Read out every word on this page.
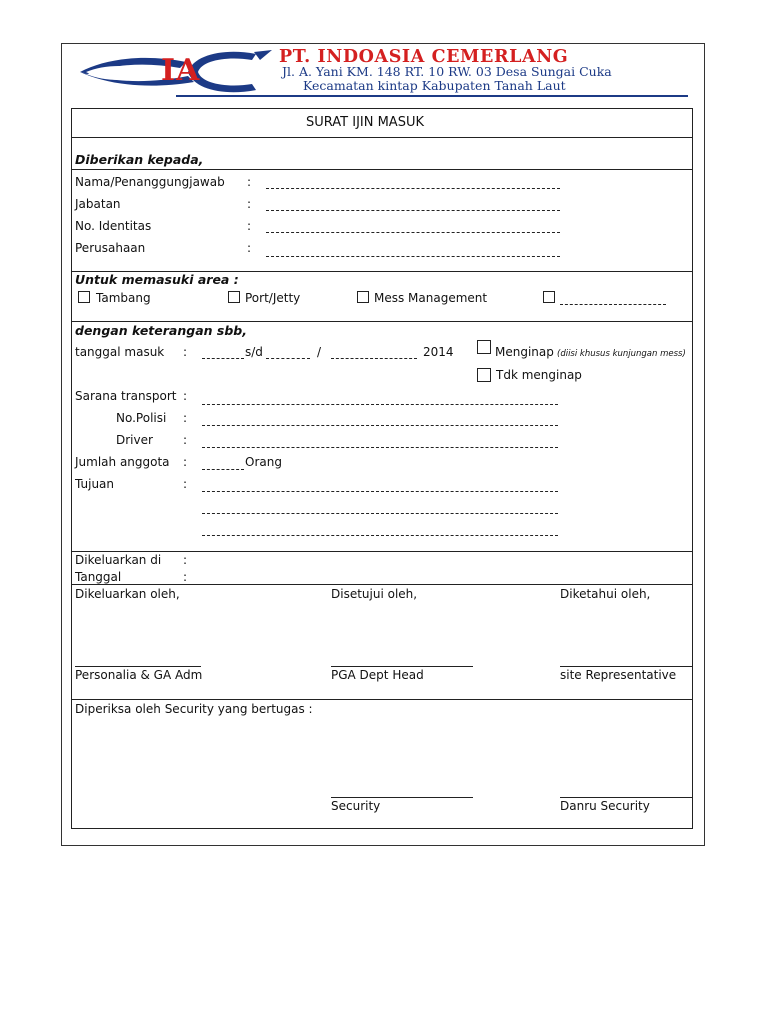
IA	PT. INDOASIA CEMERLANG
Jl. A. Yani KM. 148 RT. 10 RW. 03 Desa Sungai Cuka
Kecamatan kintap Kabupaten Tanah Laut
SURAT IJIN MASUK
Diberikan kepada,
Nama/Penanggungjawab :
Jabatan	:
No. Identitas	:
Perusahaan	:
Untuk memasuki area :
Tambang	Port/Jetty	Mess Management
dengan keterangan sbb,
tanggal masuk :	s/d	/	2014	Menginap (diisi khusus kunjungan mess)
Tdk menginap
Sarana transport :
No.Polisi :
Driver	:
Jumlah anggota :	Orang
Tujuan	:
Dikeluarkan di :
Tanggal	:
Dikeluarkan oleh,	Disetujui oleh,	Diketahui oleh,
Personalia & GA Adm	PGA Dept Head	site Representative
Diperiksa oleh Security yang bertugas :
Security	Danru Security
